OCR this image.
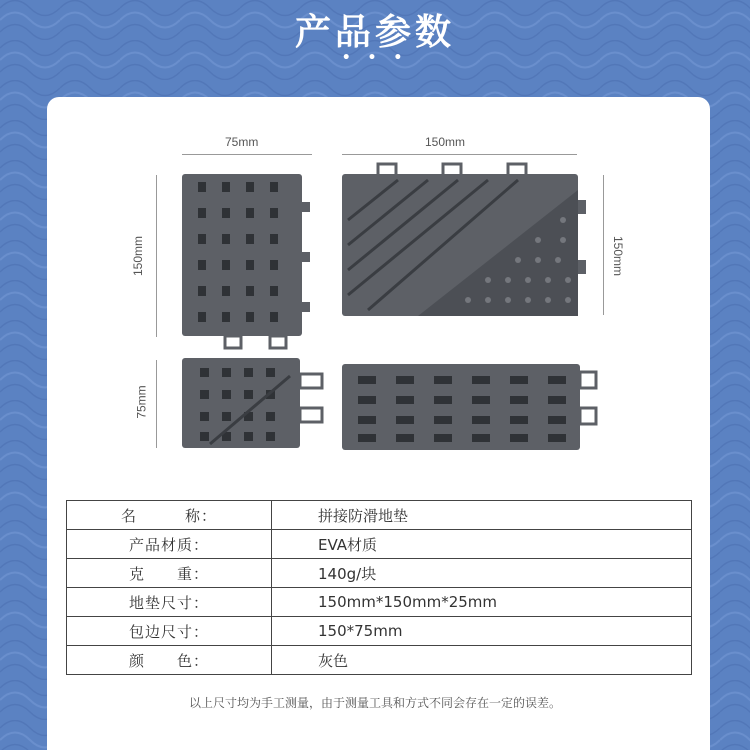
产品参数
• • •
75mm	150mm
150mm	150mm
75mm
名　　　称：	拼接防滑地垫
产品材质：	EVA材质
克　　重：	140g/块
地垫尺寸：	150mm*150mm*25mm
包边尺寸：	150*75mm
颜　　色：	灰色
以上尺寸均为手工测量，由于测量工具和方式不同会存在一定的误差。
